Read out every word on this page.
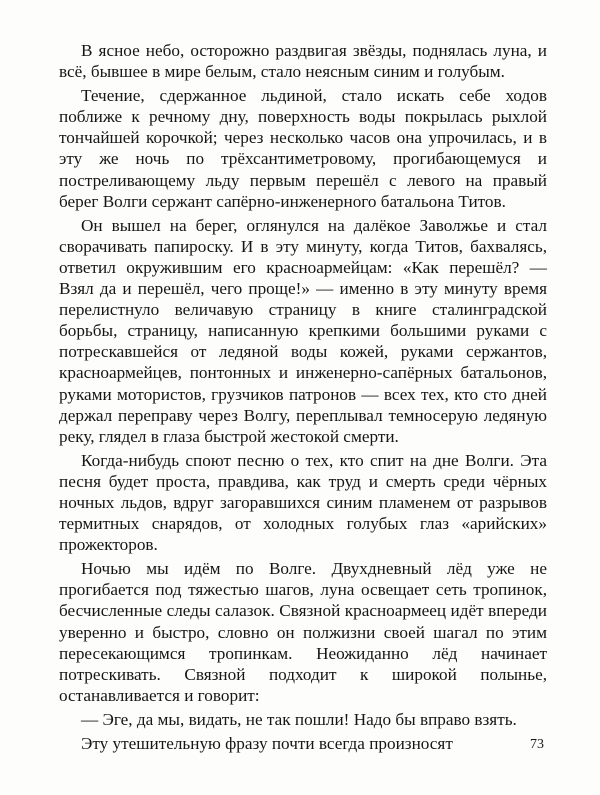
В ясное небо, осторожно раздвигая звёзды, поднялась луна, и всё, бывшее в мире белым, стало неясным синим и голубым.

Течение, сдержанное льдиной, стало искать себе ходов поближе к речному дну, поверхность воды покрылась рыхлой тончайшей корочкой; через несколько часов она упрочилась, и в эту же ночь по трёхсантиметровому, прогибающемуся и постреливающему льду первым перешёл с левого на правый берег Волги сержант сапёрно-инженерного батальона Титов.

Он вышел на берег, оглянулся на далёкое Заволжье и стал сворачивать папироску. И в эту минуту, когда Титов, бахвалясь, ответил окружившим его красноармейцам: «Как перешёл? — Взял да и перешёл, чего проще!» — именно в эту минуту время перелистнуло величавую страницу в книге сталинградской борьбы, страницу, написанную крепкими большими руками с потрескавшейся от ледяной воды кожей, руками сержантов, красноармейцев, понтонных и инженерно-сапёрных батальонов, руками мотористов, грузчиков патронов — всех тех, кто сто дней держал переправу через Волгу, переплывал темносерую ледяную реку, глядел в глаза быстрой жестокой смерти.

Когда-нибудь споют песню о тех, кто спит на дне Волги. Эта песня будет проста, правдива, как труд и смерть среди чёрных ночных льдов, вдруг загоравшихся синим пламенем от разрывов термитных снарядов, от холодных голубых глаз «арийских» прожекторов.

Ночью мы идём по Волге. Двухдневный лёд уже не прогибается под тяжестью шагов, луна освещает сеть тропинок, бесчисленные следы салазок. Связной красноармеец идёт впереди уверенно и быстро, словно он полжизни своей шагал по этим пересекающимся тропинкам. Неожиданно лёд начинает потрескивать. Связной подходит к широкой полынье, останавливается и говорит:

— Эге, да мы, видать, не так пошли! Надо бы вправо взять.

Эту утешительную фразу почти всегда произносят	73
